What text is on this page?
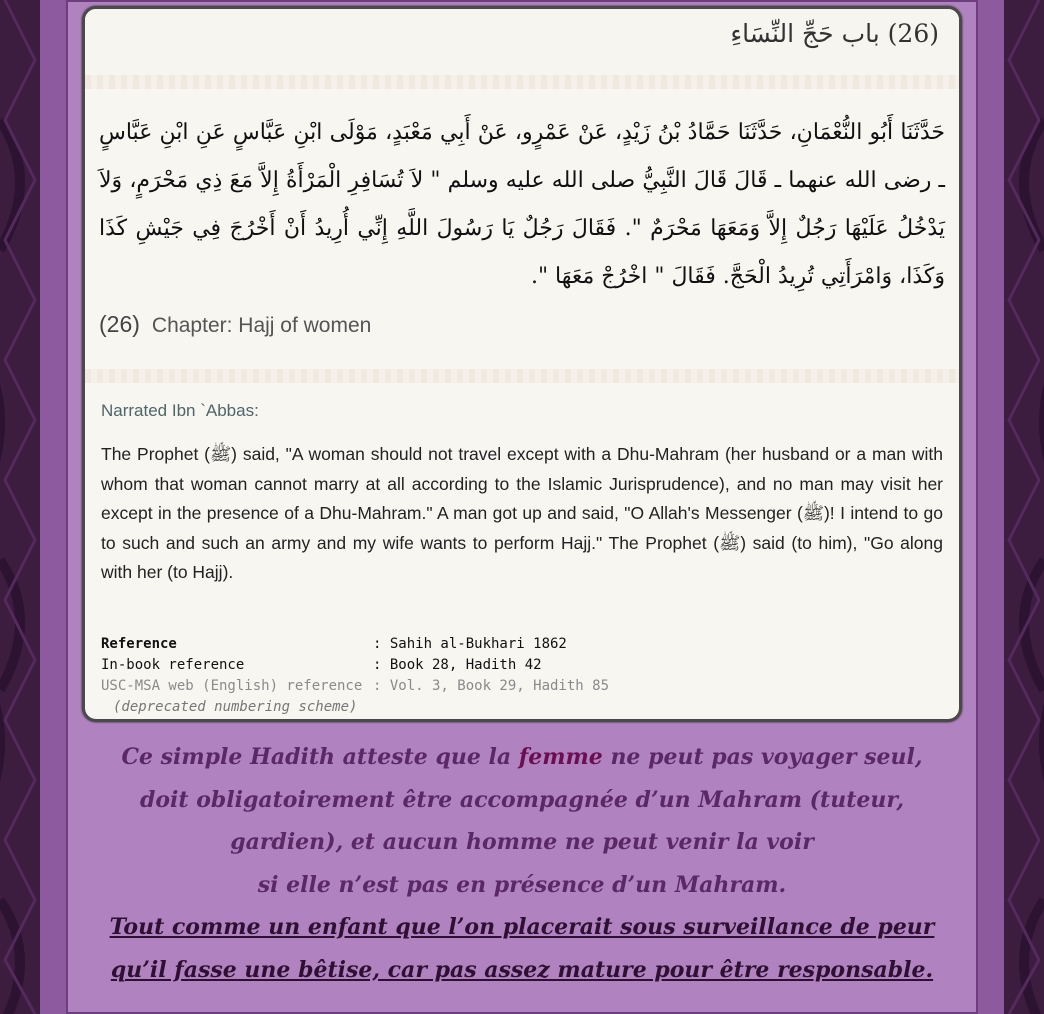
(26) باب حَجِّ النِّسَاءِ
حَدَّثَنَا أَبُو النُّعْمَانِ، حَدَّثَنَا حَمَّادُ بْنُ زَيْدٍ، عَنْ عَمْرٍو، عَنْ أَبِي مَعْبَدٍ، مَوْلَى ابْنِ عَبَّاسٍ عَنِ ابْنِ عَبَّاسٍ ـ رضى الله عنهما ـ قَالَ قَالَ النَّبِيُّ صلى الله عليه وسلم " لاَ تُسَافِرِ الْمَرْأَةُ إِلاَّ مَعَ ذِي مَحْرَمٍ، وَلاَ يَدْخُلُ عَلَيْهَا رَجُلٌ إِلاَّ وَمَعَهَا مَحْرَمٌ ". فَقَالَ رَجُلٌ يَا رَسُولَ اللَّهِ إِنِّي أُرِيدُ أَنْ أَخْرُجَ فِي جَيْشِ كَذَا وَكَذَا، وَامْرَأَتِي تُرِيدُ الْحَجَّ. فَقَالَ " اخْرُجْ مَعَهَا ".
(26) Chapter: Hajj of women
Narrated Ibn `Abbas:
The Prophet (ﷺ) said, "A woman should not travel except with a Dhu-Mahram (her husband or a man with whom that woman cannot marry at all according to the Islamic Jurisprudence), and no man may visit her except in the presence of a Dhu-Mahram." A man got up and said, "O Allah's Messenger (ﷺ)! I intend to go to such and such an army and my wife wants to perform Hajj." The Prophet (ﷺ) said (to him), "Go along with her (to Hajj).
Reference	: Sahih al-Bukhari 1862
In-book reference	: Book 28, Hadith 42
USC-MSA web (English) reference : Vol. 3, Book 29, Hadith 85
(deprecated numbering scheme)
Ce simple Hadith atteste que la femme ne peut pas voyager seul,
doit obligatoirement être accompagnée d’un Mahram (tuteur,
gardien), et aucun homme ne peut venir la voir
si elle n’est pas en présence d’un Mahram.
Tout comme un enfant que l’on placerait sous surveillance de peur
qu’il fasse une bêtise, car pas assez mature pour être responsable.
